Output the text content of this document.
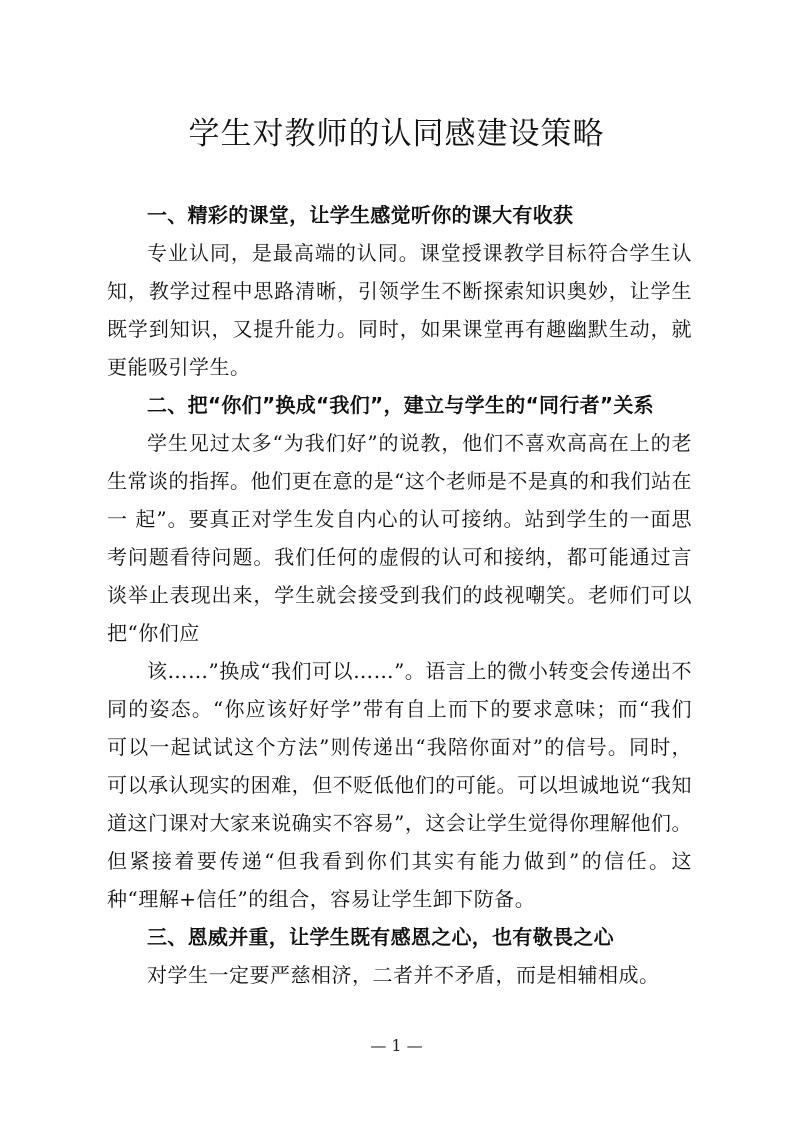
学生对教师的认同感建设策略

一、精彩的课堂，让学生感觉听你的课大有收获

专业认同，是最高端的认同。课堂授课教学目标符合学生认知，教学过程中思路清晰，引领学生不断探索知识奥妙，让学生既学到知识，又提升能力。同时，如果课堂再有趣幽默生动，就更能吸引学生。

二、把“你们”换成“我们”，建立与学生的“同行者”关系

学生见过太多“为我们好”的说教，他们不喜欢高高在上的老生常谈的指挥。他们更在意的是“这个老师是不是真的和我们站在一 起”。要真正对学生发自内心的认可接纳。站到学生的一面思考问题看待问题。我们任何的虚假的认可和接纳，都可能通过言谈举止表现出来，学生就会接受到我们的歧视嘲笑。老师们可以把“你们应

该……”换成“我们可以……”。语言上的微小转变会传递出不同的姿态。“你应该好好学”带有自上而下的要求意味；而“我们可以一起试试这个方法”则传递出“我陪你面对”的信号。同时，可以承认现实的困难，但不贬低他们的可能。可以坦诚地说“我知道这门课对大家来说确实不容易”，这会让学生觉得你理解他们。但紧接着要传递“但我看到你们其实有能力做到”的信任。这种“理解+信任”的组合，容易让学生卸下防备。

三、恩威并重，让学生既有感恩之心，也有敬畏之心

对学生一定要严慈相济，二者并不矛盾，而是相辅相成。

— 1 —
